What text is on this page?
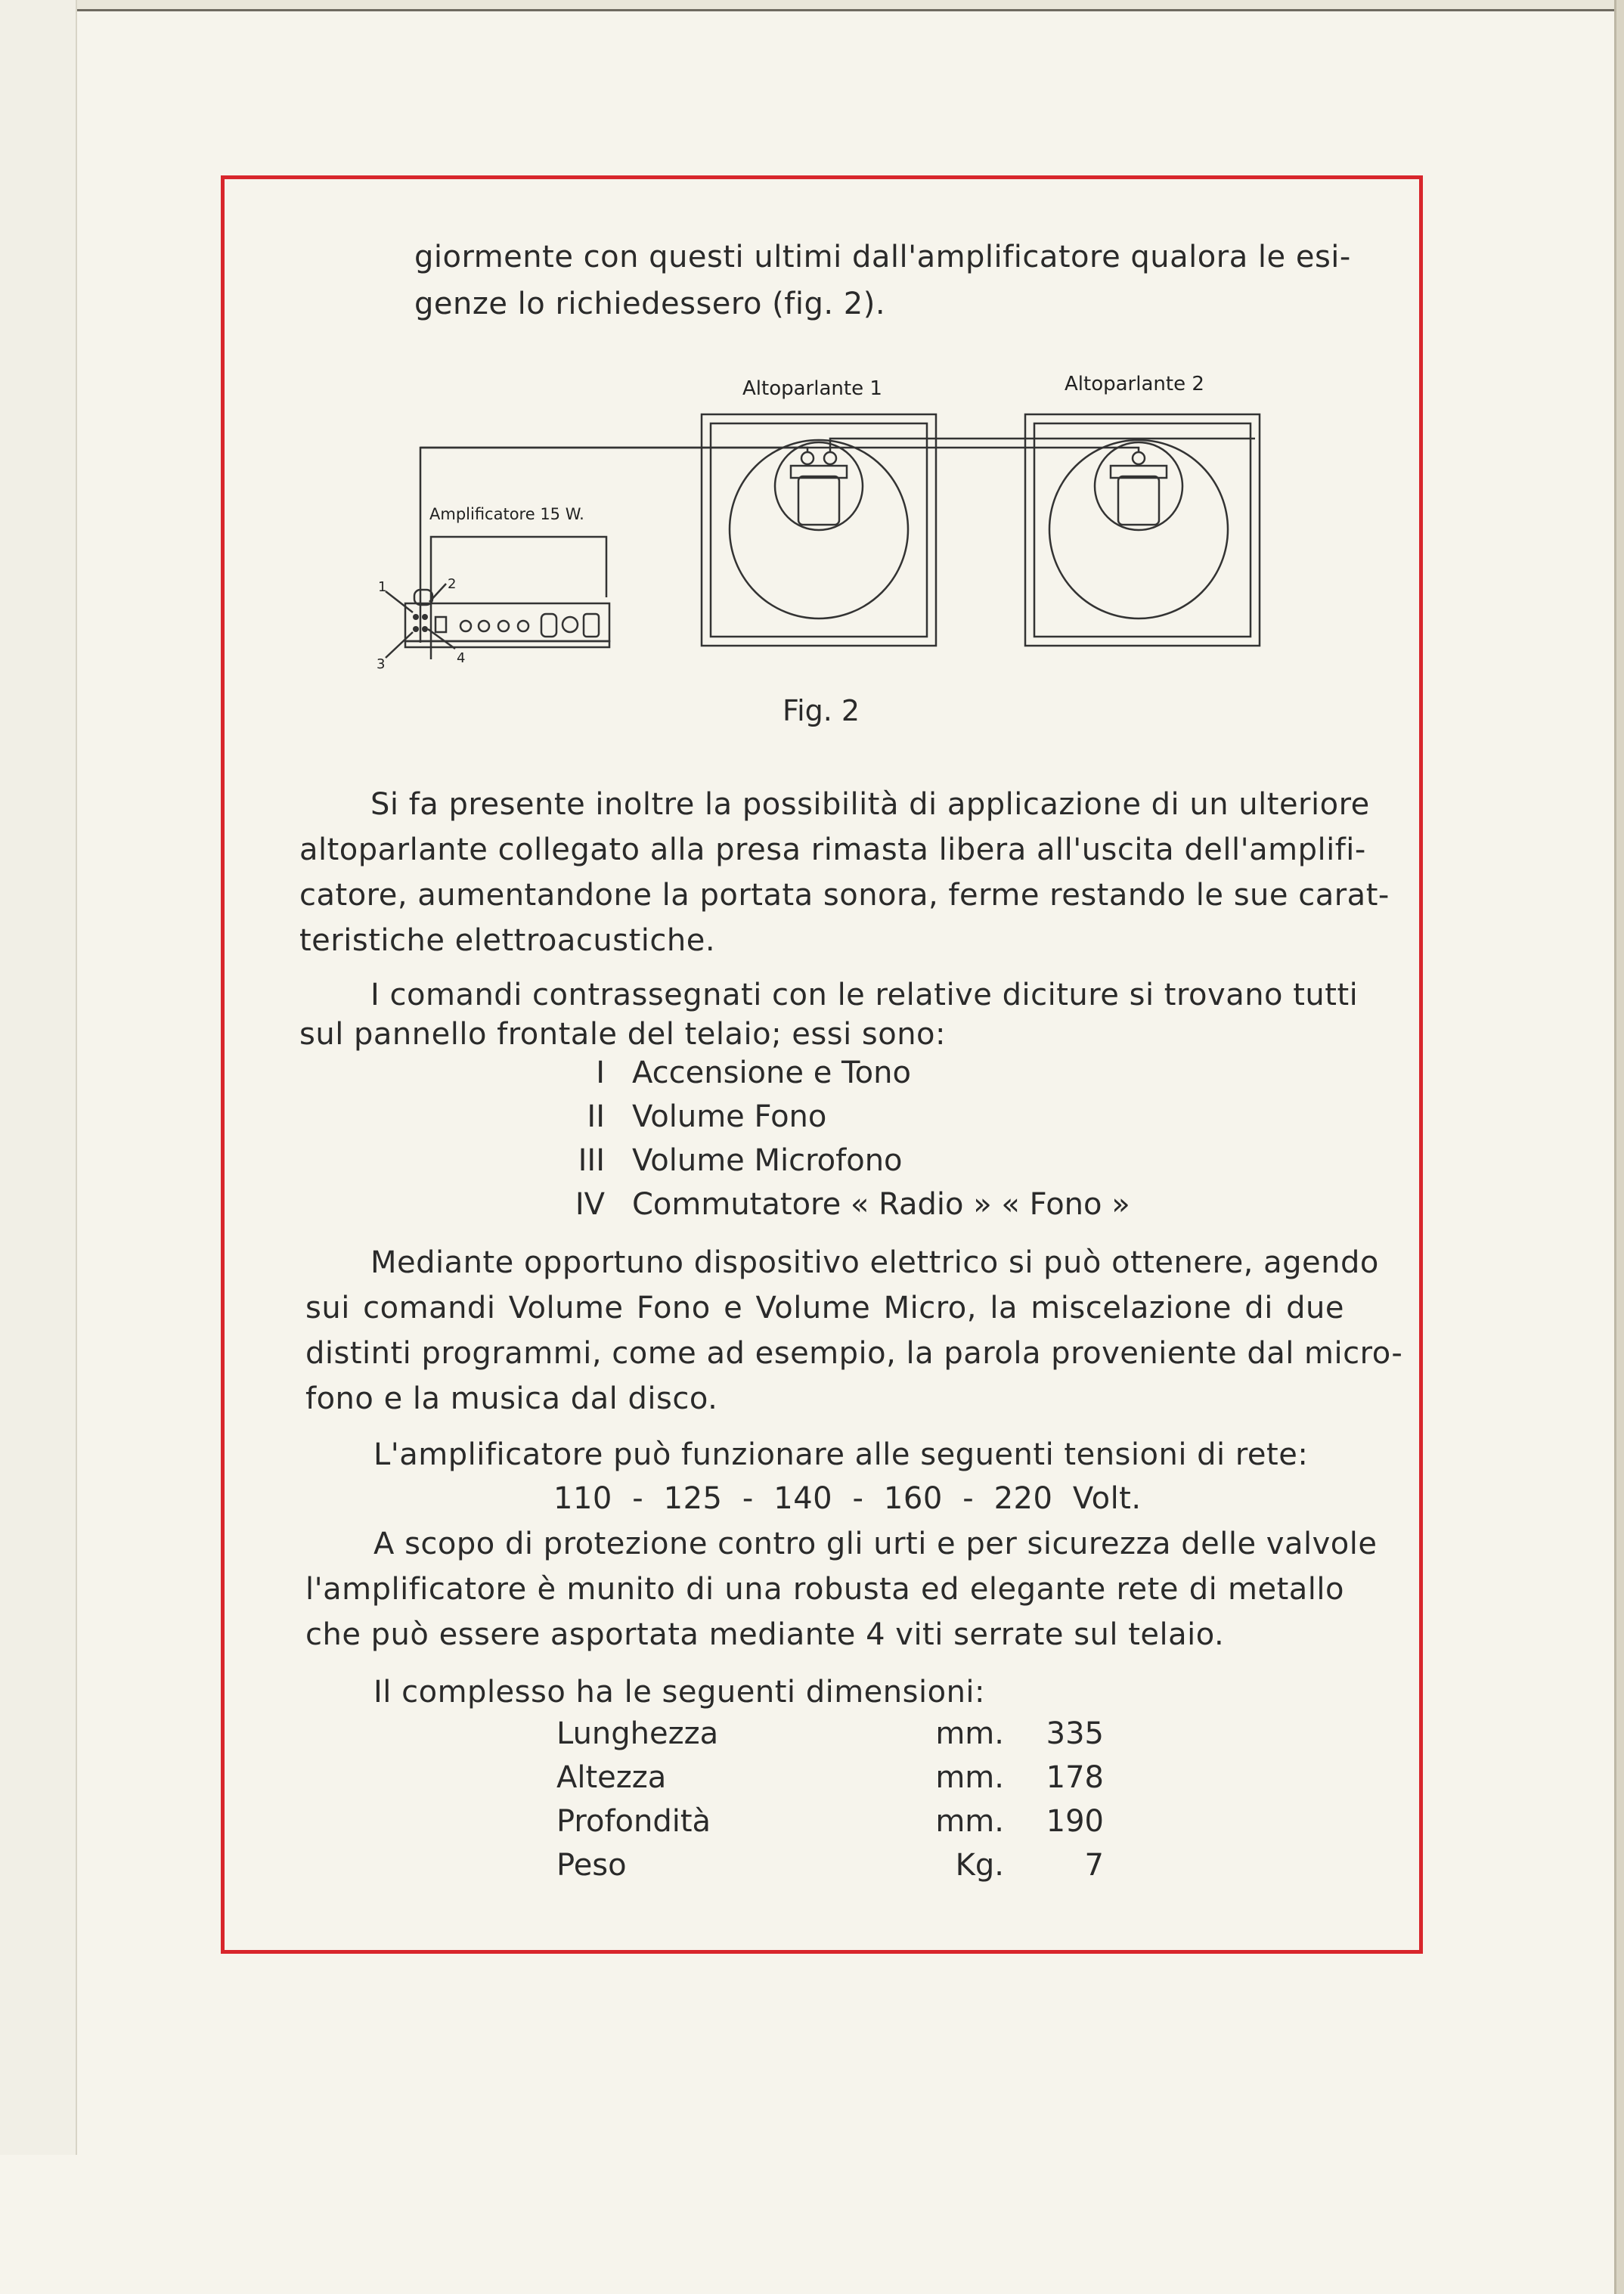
giormente con questi ultimi dall'amplificatore qualora le esi-
genze lo richiedessero (fig. 2).
Altoparlante 1	Altoparlante 2
Amplificatore 15 W.
1	2
3	4
Fig. 2
Si fa presente inoltre la possibilità di applicazione di un ulteriore
altoparlante collegato alla presa rimasta libera all'uscita dell'amplifi-
catore, aumentandone la portata sonora, ferme restando le sue carat-
teristiche elettroacustiche.
I comandi contrassegnati con le relative diciture si trovano tutti
sul pannello frontale del telaio; essi sono:
I Accensione e Tono
II Volume Fono
III Volume Microfono
IV Commutatore « Radio » « Fono »
Mediante opportuno dispositivo elettrico si può ottenere, agendo
sui comandi Volume Fono e Volume Micro, la miscelazione di due
distinti programmi, come ad esempio, la parola proveniente dal micro-
fono e la musica dal disco.
L'amplificatore può funzionare alle seguenti tensioni di rete:
110  -  125  -  140  -  160  -  220  Volt.
A scopo di protezione contro gli urti e per sicurezza delle valvole
l'amplificatore è munito di una robusta ed elegante rete di metallo
che può essere asportata mediante 4 viti serrate sul telaio.
Il complesso ha le seguenti dimensioni:
Lunghezza	mm.	335
Altezza	mm.	178
Profondità	mm.	190
Peso	Kg.	7
